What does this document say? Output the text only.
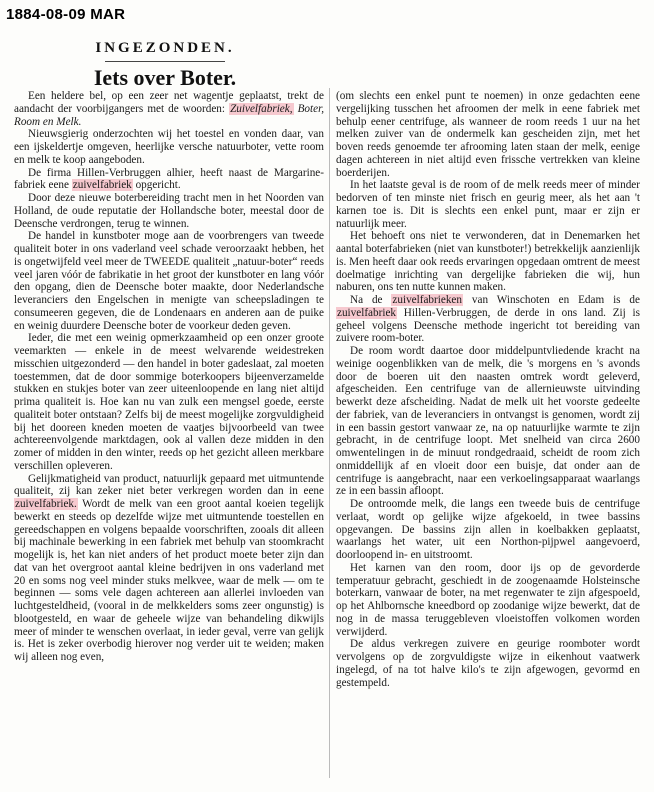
1884-08-09 MAR
INGEZONDEN.
Iets over Boter.

Een heldere bel, op een zeer net wagentje geplaatst, trekt de aandacht der voorbijgangers met de woorden: Zuivelfabriek, Boter, Room en Melk.

Nieuwsgierig onderzochten wij het toestel en vonden daar, van een ijskeldertje omgeven, heerlijke versche natuurboter, vette room en melk te koop aangeboden.

De firma Hillen-Verbruggen alhier, heeft naast de Margarine-fabriek eene zuivelfabriek opgericht.

Door deze nieuwe boterbereiding tracht men in het Noorden van Holland, de oude reputatie der Hollandsche boter, meestal door de Deensche verdrongen, terug te winnen.

De handel in kunstboter moge aan de voorbrengers van tweede qualiteit boter in ons vaderland veel schade veroorzaakt hebben, het is ongetwijfeld veel meer de TWEEDE qualiteit „natuur-boter“ reeds veel jaren vóór de fabrikatie in het groot der kunstboter en lang vóór den opgang, dien de Deensche boter maakte, door Nederlandsche leveranciers den Engelschen in menigte van scheepsladingen te consumeeren gegeven, die de Londenaars en anderen aan de puike en weinig duurdere Deensche boter de voorkeur deden geven.

Ieder, die met een weinig opmerkzaamheid op een onzer groote veemarkten — enkele in de meest welvarende weidestreken misschien uitgezonderd — den handel in boter gadeslaat, zal moeten toestemmen, dat de door sommige boterkoopers bijeenverzamelde stukken en stukjes boter van zeer uiteenloopende en lang niet altijd prima qualiteit is. Hoe kan nu van zulk een mengsel goede, eerste qualiteit boter ontstaan? Zelfs bij de meest mogelijke zorgvuldigheid bij het dooreen kneden moeten de vaatjes bijvoorbeeld van twee achtereenvolgende marktdagen, ook al vallen deze midden in den zomer of midden in den winter, reeds op het gezicht alleen merkbare verschillen opleveren.

Gelijkmatigheid van product, natuurlijk gepaard met uitmuntende qualiteit, zij kan zeker niet beter verkregen worden dan in eene zuivelfabriek. Wordt de melk van een groot aantal koeien tegelijk bewerkt en steeds op dezelfde wijze met uitmuntende toestellen en gereedschappen en volgens bepaalde voorschriften, zooals dit alleen bij machinale bewerking in een fabriek met behulp van stoomkracht mogelijk is, het kan niet anders of het product moete beter zijn dan dat van het overgroot aantal kleine bedrijven in ons vaderland met 20 en soms nog veel minder stuks melkvee, waar de melk — om te beginnen — soms vele dagen achtereen aan allerlei invloeden van luchtgesteldheid, (vooral in de melkkelders soms zeer ongunstig) is blootgesteld, en waar de geheele wijze van behandeling dikwijls meer of minder te wenschen overlaat, in ieder geval, verre van gelijk is. Het is zeker overbodig hierover nog verder uit te weiden; maken wij alleen nog even,

(om slechts een enkel punt te noemen) in onze gedachten eene vergelijking tusschen het afroomen der melk in eene fabriek met behulp eener centrifuge, als wanneer de room reeds 1 uur na het melken zuiver van de ondermelk kan gescheiden zijn, met het boven reeds genoemde ter afrooming laten staan der melk, eenige dagen achtereen in niet altijd even frissche vertrekken van kleine boerderijen.

In het laatste geval is de room of de melk reeds meer of minder bedorven of ten minste niet frisch en geurig meer, als het aan 't karnen toe is. Dit is slechts een enkel punt, maar er zijn er natuurlijk meer.

Het behoeft ons niet te verwonderen, dat in Denemarken het aantal boterfabrieken (niet van kunstboter!) betrekkelijk aanzienlijk is. Men heeft daar ook reeds ervaringen opgedaan omtrent de meest doelmatige inrichting van dergelijke fabrieken die wij, hun naburen, ons ten nutte kunnen maken.

Na de zuivelfabrieken van Winschoten en Edam is de zuivelfabriek Hillen-Verbruggen, de derde in ons land. Zij is geheel volgens Deensche methode ingericht tot bereiding van zuivere room-boter.

De room wordt daartoe door middelpuntvliedende kracht na weinige oogenblikken van de melk, die 's morgens en 's avonds door de boeren uit den naasten omtrek wordt geleverd, afgescheiden. Een centrifuge van de allernieuwste uitvinding bewerkt deze afscheiding. Nadat de melk uit het voorste gedeelte der fabriek, van de leveranciers in ontvangst is genomen, wordt zij in een bassin gestort vanwaar ze, na op natuurlijke warmte te zijn gebracht, in de centrifuge loopt. Met snelheid van circa 2600 omwentelingen in de minuut rondgedraaid, scheidt de room zich onmiddellijk af en vloeit door een buisje, dat onder aan de centrifuge is aangebracht, naar een verkoelingsapparaat waarlangs ze in een bassin afloopt.

De ontroomde melk, die langs een tweede buis de centrifuge verlaat, wordt op gelijke wijze afgekoeld, in twee bassins opgevangen. De bassins zijn allen in koelbakken geplaatst, waarlangs het water, uit een Northon-pijpwel aangevoerd, doorloopend in- en uitstroomt.

Het karnen van den room, door ijs op de gevorderde temperatuur gebracht, geschiedt in de zoogenaamde Holsteinsche boterkarn, vanwaar de boter, na met regenwater te zijn afgespoeld, op het Ahlbornsche kneedbord op zoodanige wijze bewerkt, dat de nog in de massa teruggebleven vloeistoffen volkomen worden verwijderd.

De aldus verkregen zuivere en geurige roomboter wordt vervolgens op de zorgvuldigste wijze in eikenhout vaatwerk ingelegd, of na tot halve kilo's te zijn afgewogen, gevormd en gestempeld.
